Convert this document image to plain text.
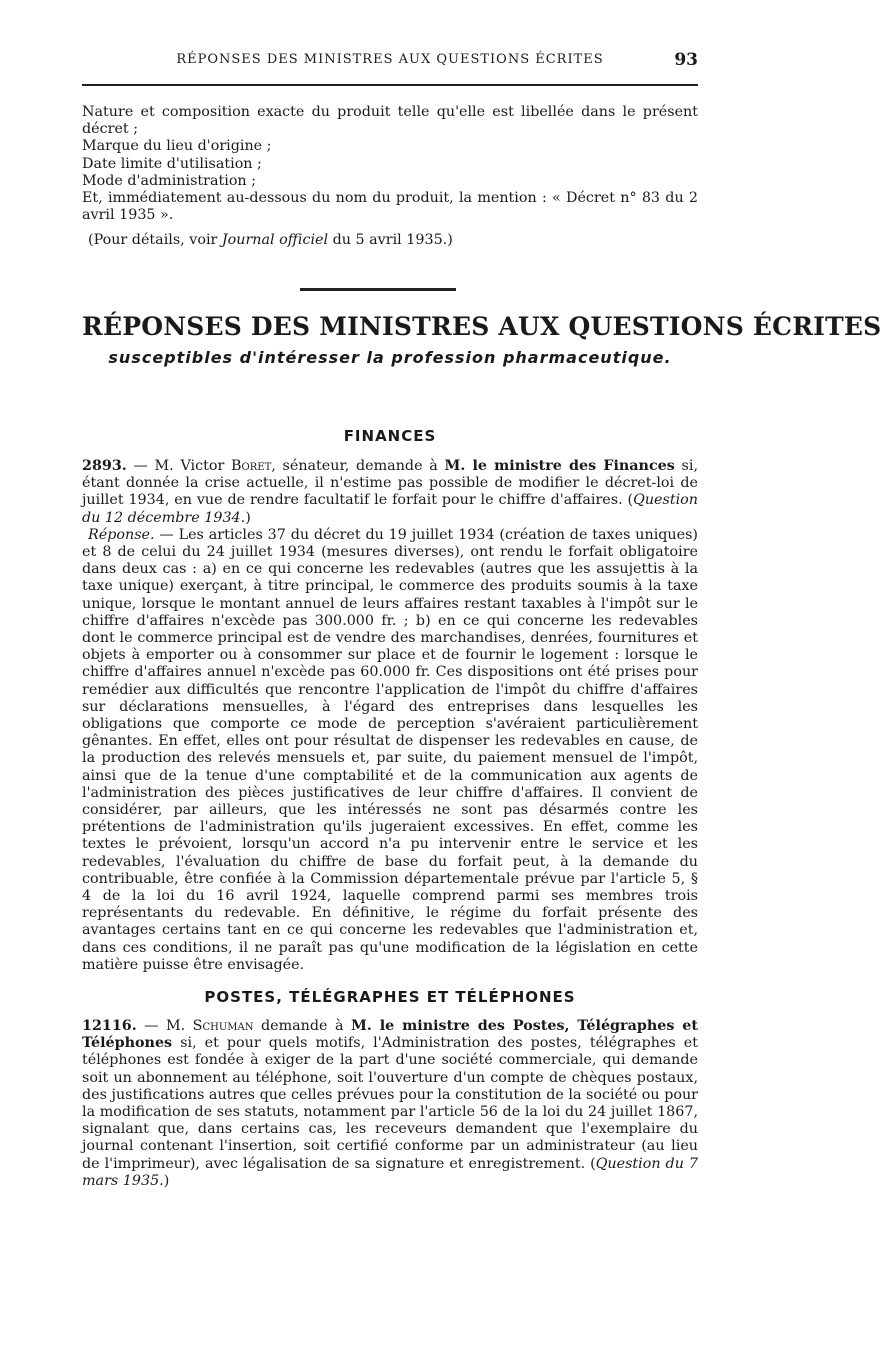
RÉPONSES DES MINISTRES AUX QUESTIONS ÉCRITES	93

Nature et composition exacte du produit telle qu'elle est libellée dans le présent décret ;

Marque du lieu d'origine ;

Date limite d'utilisation ;

Mode d'administration ;

Et, immédiatement au-dessous du nom du produit, la mention : « Décret n° 83 du 2 avril 1935 ».

(Pour détails, voir Journal officiel du 5 avril 1935.)

RÉPONSES DES MINISTRES AUX QUESTIONS ÉCRITES
susceptibles d'intéresser la profession pharmaceutique.
FINANCES

2893. — M. Victor Boret, sénateur, demande à M. le ministre des Finances si, étant donnée la crise actuelle, il n'estime pas possible de modifier le décret-loi de juillet 1934, en vue de rendre facultatif le forfait pour le chiffre d'affaires. (Question du 12 décembre 1934.)

Réponse. — Les articles 37 du décret du 19 juillet 1934 (création de taxes uniques) et 8 de celui du 24 juillet 1934 (mesures diverses), ont rendu le forfait obligatoire dans deux cas : a) en ce qui concerne les redevables (autres que les assujettis à la taxe unique) exerçant, à titre principal, le commerce des produits soumis à la taxe unique, lorsque le montant annuel de leurs affaires restant taxables à l'impôt sur le chiffre d'affaires n'excède pas 300.000 fr. ; b) en ce qui concerne les redevables dont le commerce principal est de vendre des marchandises, denrées, fournitures et objets à emporter ou à consommer sur place et de fournir le logement : lorsque le chiffre d'affaires annuel n'excède pas 60.000 fr. Ces dispositions ont été prises pour remédier aux difficultés que rencontre l'application de l'impôt du chiffre d'affaires sur déclarations mensuelles, à l'égard des entreprises dans lesquelles les obligations que comporte ce mode de perception s'avéraient particulièrement gênantes. En effet, elles ont pour résultat de dispenser les redevables en cause, de la production des relevés mensuels et, par suite, du paiement mensuel de l'impôt, ainsi que de la tenue d'une comptabilité et de la communication aux agents de l'administration des pièces justificatives de leur chiffre d'affaires. Il convient de considérer, par ailleurs, que les intéressés ne sont pas désarmés contre les prétentions de l'administration qu'ils jugeraient excessives. En effet, comme les textes le prévoient, lorsqu'un accord n'a pu intervenir entre le service et les redevables, l'évaluation du chiffre de base du forfait peut, à la demande du contribuable, être confiée à la Commission départementale prévue par l'article 5, § 4 de la loi du 16 avril 1924, laquelle comprend parmi ses membres trois représentants du redevable. En définitive, le régime du forfait présente des avantages certains tant en ce qui concerne les redevables que l'administration et, dans ces conditions, il ne paraît pas qu'une modification de la législation en cette matière puisse être envisagée.

POSTES, TÉLÉGRAPHES ET TÉLÉPHONES

12116. — M. Schuman demande à M. le ministre des Postes, Télégraphes et Téléphones si, et pour quels motifs, l'Administration des postes, télégraphes et téléphones est fondée à exiger de la part d'une société commerciale, qui demande soit un abonnement au téléphone, soit l'ouverture d'un compte de chèques postaux, des justifications autres que celles prévues pour la constitution de la société ou pour la modification de ses statuts, notamment par l'article 56 de la loi du 24 juillet 1867, signalant que, dans certains cas, les receveurs demandent que l'exemplaire du journal contenant l'insertion, soit certifié conforme par un administrateur (au lieu de l'imprimeur), avec légalisation de sa signature et enregistrement. (Question du 7 mars 1935.)
